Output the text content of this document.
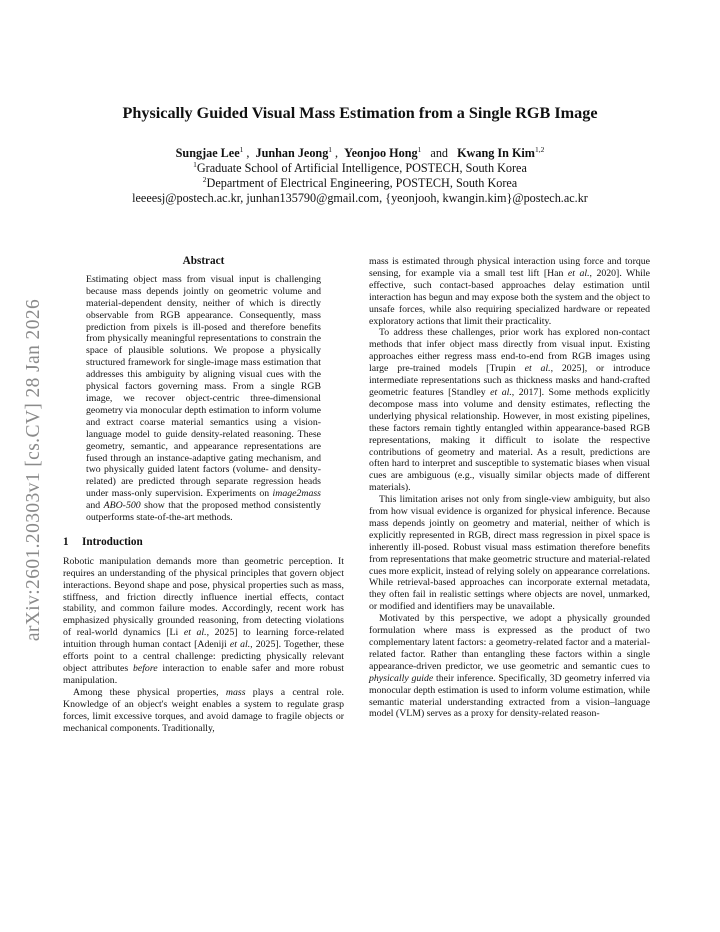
arXiv:2601.20303v1 [cs.CV] 28 Jan 2026
Physically Guided Visual Mass Estimation from a Single RGB Image
Sungjae Lee$^1$ , Junhan Jeong$^1$ , Yeonjoo Hong$^1$ and Kwang In Kim$^{1,2}$
$^1$Graduate School of Artificial Intelligence, POSTECH, South Korea
$^2$Department of Electrical Engineering, POSTECH, South Korea
leeeesj@postech.ac.kr, junhan135790@gmail.com, {yeonjooh, kwangin.kim}@postech.ac.kr
Abstract

Estimating object mass from visual input is challenging because mass depends jointly on geometric volume and material-dependent density, neither of which is directly observable from RGB appearance. Consequently, mass prediction from pixels is ill-posed and therefore benefits from physically meaningful representations to constrain the space of plausible solutions. We propose a physically structured framework for single-image mass estimation that addresses this ambiguity by aligning visual cues with the physical factors governing mass. From a single RGB image, we recover object-centric three-dimensional geometry via monocular depth estimation to inform volume and extract coarse material semantics using a vision-language model to guide density-related reasoning. These geometry, semantic, and appearance representations are fused through an instance-adaptive gating mechanism, and two physically guided latent factors (volume- and density-related) are predicted through separate regression heads under mass-only supervision. Experiments on image2mass and ABO-500 show that the proposed method consistently outperforms state-of-the-art methods.

1 Introduction

Robotic manipulation demands more than geometric perception. It requires an understanding of the physical principles that govern object interactions. Beyond shape and pose, physical properties such as mass, stiffness, and friction directly influence inertial effects, contact stability, and common failure modes. Accordingly, recent work has emphasized physically grounded reasoning, from detecting violations of real-world dynamics [Li et al., 2025] to learning force-related intuition through human contact [Adeniji et al., 2025]. Together, these efforts point to a central challenge: predicting physically relevant object attributes before interaction to enable safer and more robust manipulation.

Among these physical properties, mass plays a central role. Knowledge of an object's weight enables a system to regulate grasp forces, limit excessive torques, and avoid damage to fragile objects or mechanical components. Traditionally,

mass is estimated through physical interaction using force and torque sensing, for example via a small test lift [Han et al., 2020]. While effective, such contact-based approaches delay estimation until interaction has begun and may expose both the system and the object to unsafe forces, while also requiring specialized hardware or repeated exploratory actions that limit their practicality.

To address these challenges, prior work has explored non-contact methods that infer object mass directly from visual input. Existing approaches either regress mass end-to-end from RGB images using large pre-trained models [Trupin et al., 2025], or introduce intermediate representations such as thickness masks and hand-crafted geometric features [Standley et al., 2017]. Some methods explicitly decompose mass into volume and density estimates, reflecting the underlying physical relationship. However, in most existing pipelines, these factors remain tightly entangled within appearance-based RGB representations, making it difficult to isolate the respective contributions of geometry and material. As a result, predictions are often hard to interpret and susceptible to systematic biases when visual cues are ambiguous (e.g., visually similar objects made of different materials).

This limitation arises not only from single-view ambiguity, but also from how visual evidence is organized for physical inference. Because mass depends jointly on geometry and material, neither of which is explicitly represented in RGB, direct mass regression in pixel space is inherently ill-posed. Robust visual mass estimation therefore benefits from representations that make geometric structure and material-related cues more explicit, instead of relying solely on appearance correlations. While retrieval-based approaches can incorporate external metadata, they often fail in realistic settings where objects are novel, unmarked, or modified and identifiers may be unavailable.

Motivated by this perspective, we adopt a physically grounded formulation where mass is expressed as the product of two complementary latent factors: a geometry-related factor and a material-related factor. Rather than entangling these factors within a single appearance-driven predictor, we use geometric and semantic cues to physically guide their inference. Specifically, 3D geometry inferred via monocular depth estimation is used to inform volume estimation, while semantic material understanding extracted from a vision–language model (VLM) serves as a proxy for density-related reason-
